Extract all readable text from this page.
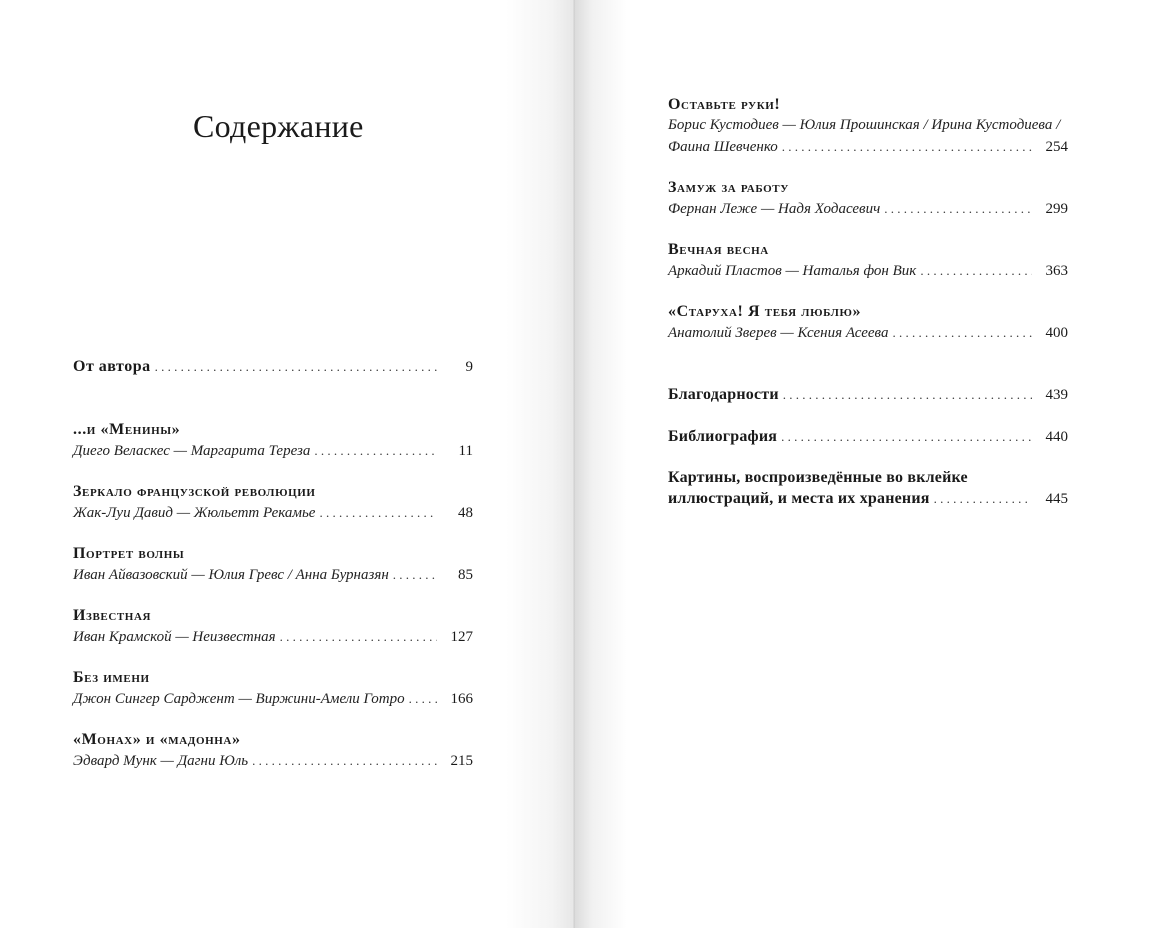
Содержание
От автора . . .	9
...и «Менины»
Диего Веласкес — Маргарита Тереза . . .	11
Зеркало французской революции
Жак-Луи Давид — Жюльетт Рекамье . . .	48
Портрет волны
Иван Айвазовский — Юлия Гревс / Анна Бурназян . . .	85
Известная
Иван Крамской — Неизвестная . . .	127
Без имени
Джон Сингер Сарджент — Виржини-Амели Готро . . .	166
«Монах» и «мадонна»
Эдвард Мунк — Дагни Юль . . .	215
Оставьте руки!
Борис Кустодиев — Юлия Прошинская / Ирина Кустодиева /
Фаина Шевченко . . .	254
Замуж за работу
Фернан Леже — Надя Ходасевич . . .	299
Вечная весна
Аркадий Пластов — Наталья фон Вик . . .	363
«Старуха! Я тебя люблю»
Анатолий Зверев — Ксения Асеева . . .	400
Благодарности . . .	439
Библиография . . .	440
Картины, воспроизведённые во вклейке
иллюстраций, и места их хранения . . .	445
